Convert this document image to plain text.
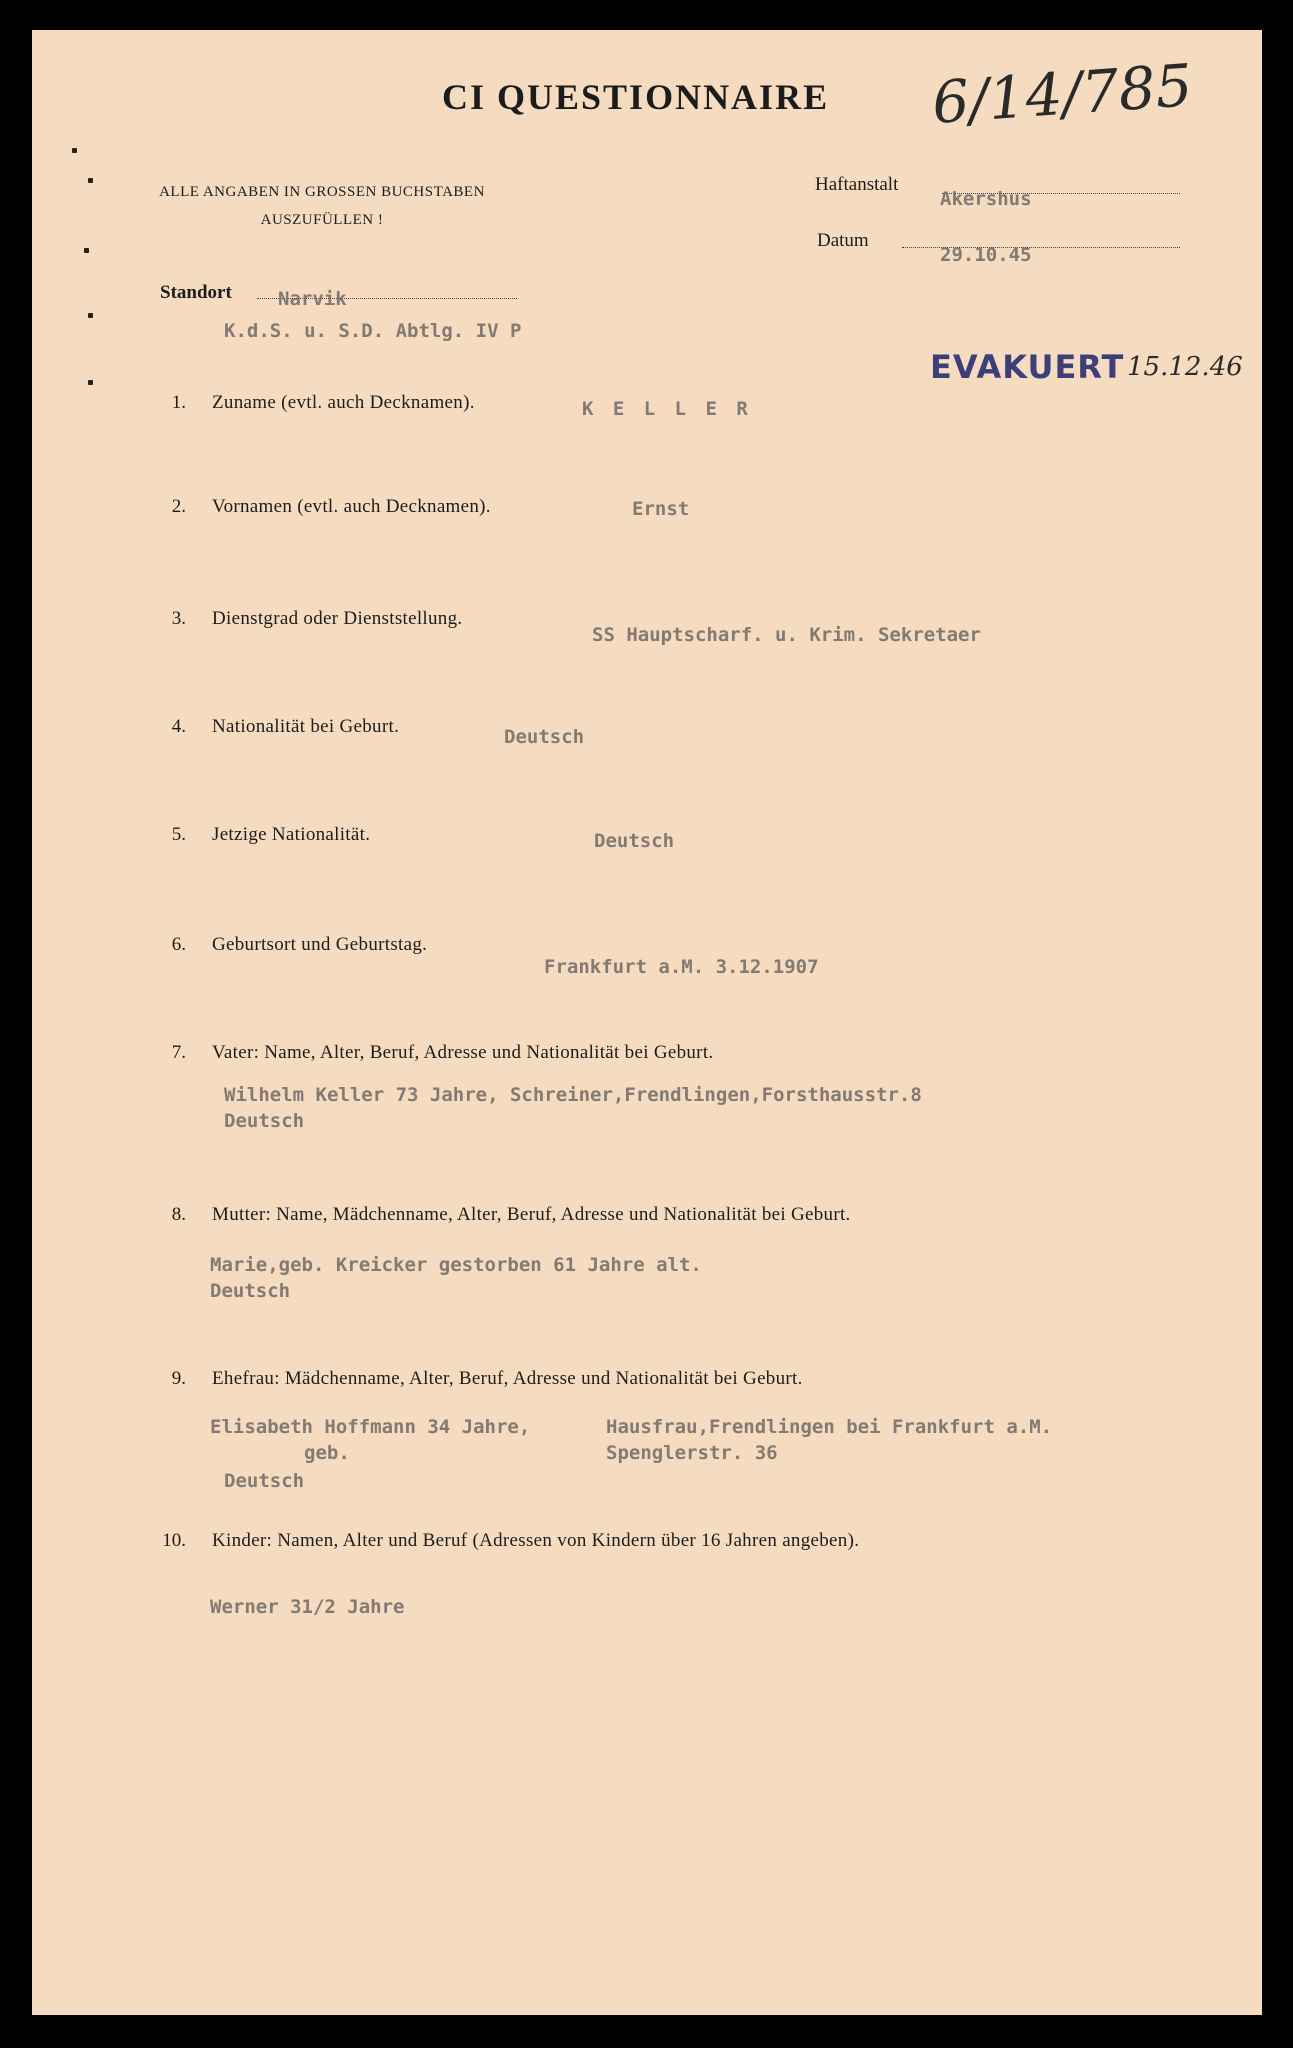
CI QUESTIONNAIRE 6/14/785
ALLE ANGABEN IN GROSSEN BUCHSTABEN
AUSZUFÜLLEN !
Haftanstalt
Akershus
Datum
29.10.45
Standort Narvik
K.d.S. u. S.D. Abtlg. IV P
EVAKUERT 15.12.46
1. Zuname (evtl. auch Decknamen).	K E L L E R
2. Vornamen (evtl. auch Decknamen).	Ernst
3. Dienstgrad oder Dienststellung.
SS Hauptscharf. u. Krim. Sekretaer
4. Nationalität bei Geburt.	Deutsch
5. Jetzige Nationalität.	Deutsch
6. Geburtsort und Geburtstag.
Frankfurt a.M. 3.12.1907
7. Vater: Name, Alter, Beruf, Adresse und Nationalität bei Geburt.
Wilhelm Keller 73 Jahre, Schreiner,Frendlingen,Forsthausstr.8
Deutsch
8. Mutter: Name, Mädchenname, Alter, Beruf, Adresse und Nationalität bei Geburt.
Marie,geb. Kreicker gestorben 61 Jahre alt.
Deutsch
9. Ehefrau: Mädchenname, Alter, Beruf, Adresse und Nationalität bei Geburt.
Elisabeth Hoffmann 34 Jahre,	Hausfrau,Frendlingen bei Frankfurt a.M.
geb.	Spenglerstr. 36
Deutsch
10. Kinder: Namen, Alter und Beruf (Adressen von Kindern über 16 Jahren angeben).
Werner 31/2 Jahre
